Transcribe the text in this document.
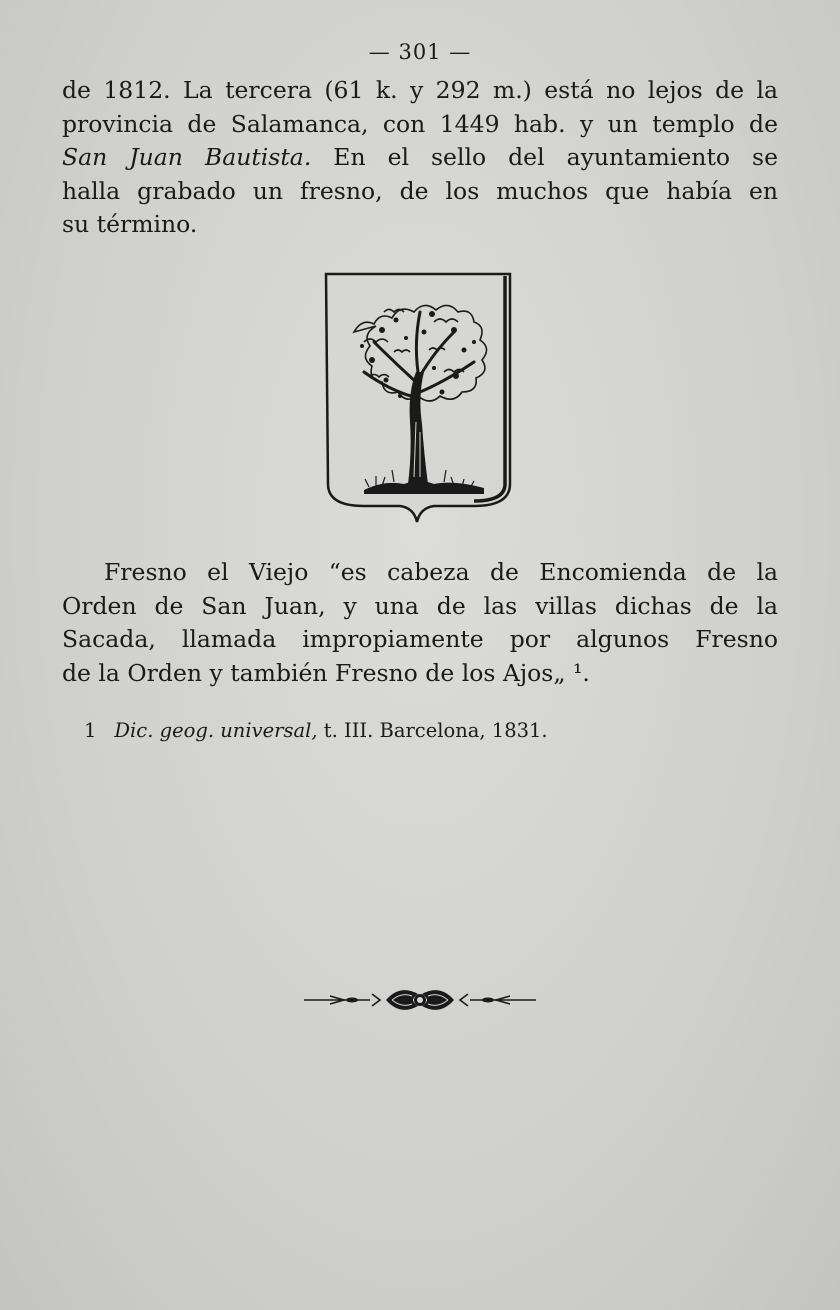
— 301 —

de 1812. La tercera (61 k. y 292 m.) está no lejos de la
provincia de Salamanca, con 1449 hab. y un templo de
San Juan Bautista. En el sello del ayuntamiento se
halla grabado un fresno, de los muchos que había en
su término.

Fresno el Viejo “es cabeza de Encomienda de la
Orden de San Juan, y una de las villas dichas de la
Sacada, llamada impropiamente por algunos Fresno
de la Orden y también Fresno de los Ajos„ ¹.

1 Dic. geog. universal, t. III. Barcelona, 1831.
